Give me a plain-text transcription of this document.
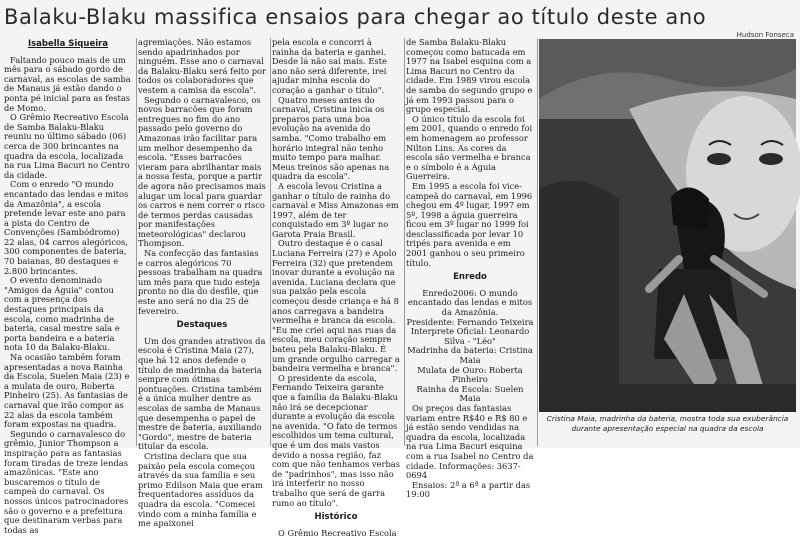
Balaku-Blaku massifica ensaios para chegar ao título deste ano
Hudson Fonseca
Isabella Siqueira

Faltando pouco mais de um mês para o sábado gordo de carnaval, as escolas de samba de Manaus já estão dando o ponta pé inicial para as festas de Momo.

O Grêmio Recreativo Escola de Samba Balaku-Blaku reuniu no último sábado (06) cerca de 300 brincantes na quadra da escola, localizada na rua Lima Bacuri no Centro da cidade.

Com o enredo "O mundo encantado das lendas e mitos da Amazônia", a escola pretende levar este ano para a pista do Centro de Convenções (Sambódromo) 22 alas, 04 carros alegóricos, 300 componentes de bateria, 70 baianas, 80 destaques e 2.800 brincantes.

O evento denominado "Amigos da Águia" contou com a presença dos destaques principais da escola, como madrinha de bateria, casal mestre sala e porta bandeira e a bateria nota 10 da Balaku-Blaku.

Na ocasião também foram apresentadas a nova Rainha da Escola, Suelen Maia (23) e a mulata de ouro, Roberta Pinheiro (25). As fantasias de carnaval que irão compor as 22 alas da escola também foram expostas na quadra.

Segundo o carnavalesco do grêmio, Junior Thompson a inspiração para as fantasias foram tiradas de treze lendas amazônicas. "Este ano buscaremos o título de campeã do carnaval. Os nossos únicos patrocinadores são o governo e a prefeitura que destinaram verbas para todas as

agremiações. Não estamos sendo apadrinhados por ninguém. Esse ano o carnaval da Balaku-Blaku será feito por todos os colaboradores que vestem a camisa da escola".

Segundo o carnavalesco, os novos barracões que foram entregues no fim do ano passado pelo governo do Amazonas irão facilitar para um melhor desempenho da escola. "Esses barracões vieram para abrilhantar mais a nossa festa, porque a partir de agora não precisamos mais alugar um local para guardar os carros e nem correr o risco de termos perdas causadas por manifestações meteorológicas" declarou Thompson.

Na confecção das fantasias e carros alegóricos 70 pessoas trabalham na quadra um mês para que tudo esteja pronto no dia do desfile, que este ano será no dia 25 de fevereiro.

Destaques

Um dos grandes atrativos da escola é Cristina Maia (27), que há 12 anos defende o título de madrinha da bateria sempre com ótimas pontuações. Cristina também é a única mulher dentre as escolas de samba de Manaus que desempenha o papel de mestre de bateria, auxiliando "Gordo", mestre de bateria titular da escola.

Cristina declara que sua paixão pela escola começou através da sua família e seu primo Edilson Maia que eram frequentadores assíduos da quadra da escola. "Comecei vindo com a minha família e me apaixonei

pela escola e concorri à rainha da bateria e ganhei. Desde lá não saí mais. Este ano não será diferente, irei ajudar minha escola do coração a ganhar o título".

Quatro meses antes do carnaval, Cristina inicia os preparos para uma boa evolução na avenida do samba. "Como trabalho em horário integral não tenho muito tempo para malhar. Meus treinos são apenas na quadra da escola".

A escola levou Cristina a ganhar o título de rainha do carnaval e Miss Amazonas em 1997, além de ter conquistado em 3º lugar no Garota Praia Brasil.

Outro destaque é o casal Luciana Ferreira (27) e Apolo Ferreira (32) que pretendem inovar durante a evolução na avenida. Luciana declara que sua paixão pela escola começou desde criança e há 8 anos carregava a bandeira vermelha e branca da escola. "Eu me criei aqui nas ruas da escola, meu coração sempre bateu pela Balaku-Blaku. É um grande orgulho carregar a bandeira vermelha e branca".

O presidente da escola, Fernando Teixeira garante que a família da Balaku-Blaku não irá se decepcionar durante a evolução da escola na avenida. "O fato de termos escolhidos um tema cultural, que é um dos mais vastos devido a nossa região, faz com que não tenhamos verbas de "padrinhos", mas isso não irá interferir no nosso trabalho que será de garra rumo ao título".

Histórico

O Grêmio Recreativo Escola

de Samba Balaku-Blaku começou como batucada em 1977 na Isabel esquina com a Lima Bacuri no Centro da cidade. Em 1989 virou escola de samba do segundo grupo e já em 1993 passou para o grupo especial.

O único título da escola foi em 2001, quando o enredo foi em homenagem ao professor Nilton Lins. As cores da escola são vermelha e branca e o símbolo é a Águia Guerreira.

Em 1995 a escola foi vice-campeã do carnaval, em 1996 chegou em 4º lugar, 1997 em 5º, 1998 a águia guerreira ficou em 3º lugar no 1999 foi desclassificada por levar 10 tripés para avenida e em 2001 ganhou o seu primeiro título.

Enredo

Enredo2006: O mundo encantado das lendas e mitos da Amazônia.

Presidente: Fernando Teixeira

Interprete Oficial: Leonardo Silva - "Léo"

Madrinha da bateria: Cristina Maia

Mulata de Ouro: Roberta Pinheiro

Rainha da Escola: Suelen Maia

Os preços das fantasias variam entre R$40 e R$ 80 e já estão sendo vendidas na quadra da escola, localizada na rua Lima Bacuri esquina com a rua Isabel no Centro da cidade. Informações: 3637-0694

Ensaios: 2ª a 6ª a partir das 19:00

Cristina Maia, madrinha da bateria, mostra toda sua exuberância durante apresentação especial na quadra da escola
